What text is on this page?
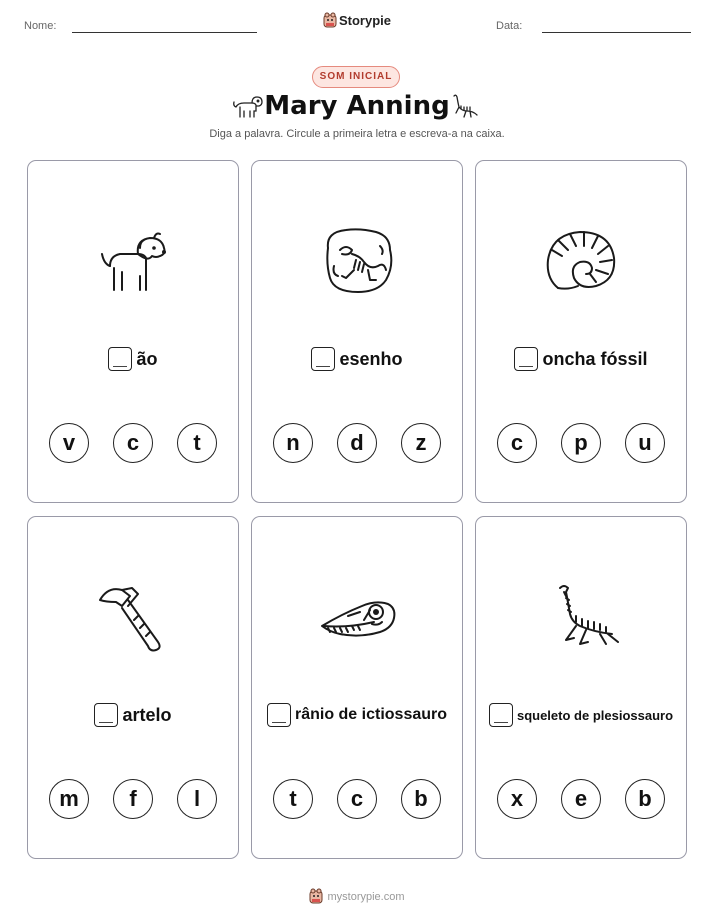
Nome:	Storypie	Data:
SOM INICIAL
Mary Anning
Diga a palavra. Circule a primeira letra e escreva-a na caixa.
ão
v	c	t
esenho
n	d	z
oncha fóssil
c	p	u
artelo
m	f	l
rânio de ictiossauro
t	c	b
squeleto de plesiossauro
x	e	b
mystorypie.com
